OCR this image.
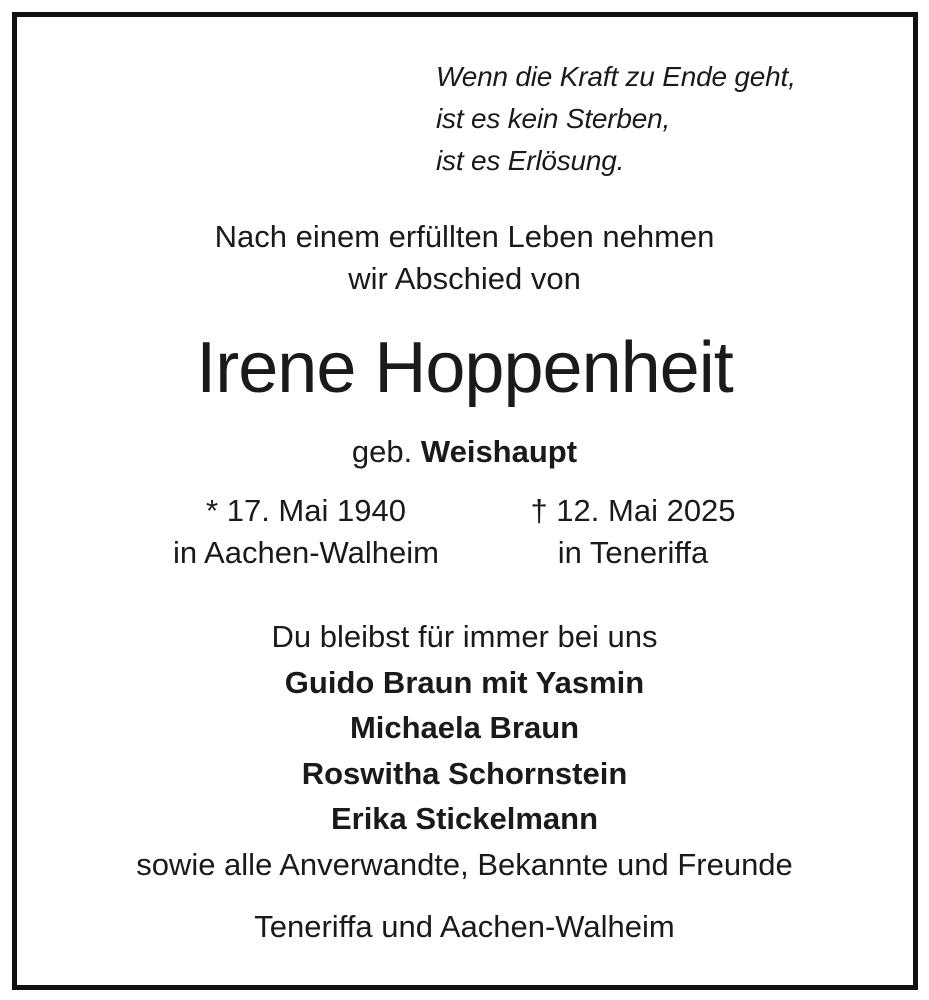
Wenn die Kraft zu Ende geht,
ist es kein Sterben,
ist es Erlösung.
Nach einem erfüllten Leben nehmen
wir Abschied von
Irene Hoppenheit
geb. Weishaupt
* 17. Mai 1940
in Aachen-Walheim
† 12. Mai 2025
in Teneriffa
Du bleibst für immer bei uns
Guido Braun mit Yasmin
Michaela Braun
Roswitha Schornstein
Erika Stickelmann
sowie alle Anverwandte, Bekannte und Freunde
Teneriffa und Aachen-Walheim
